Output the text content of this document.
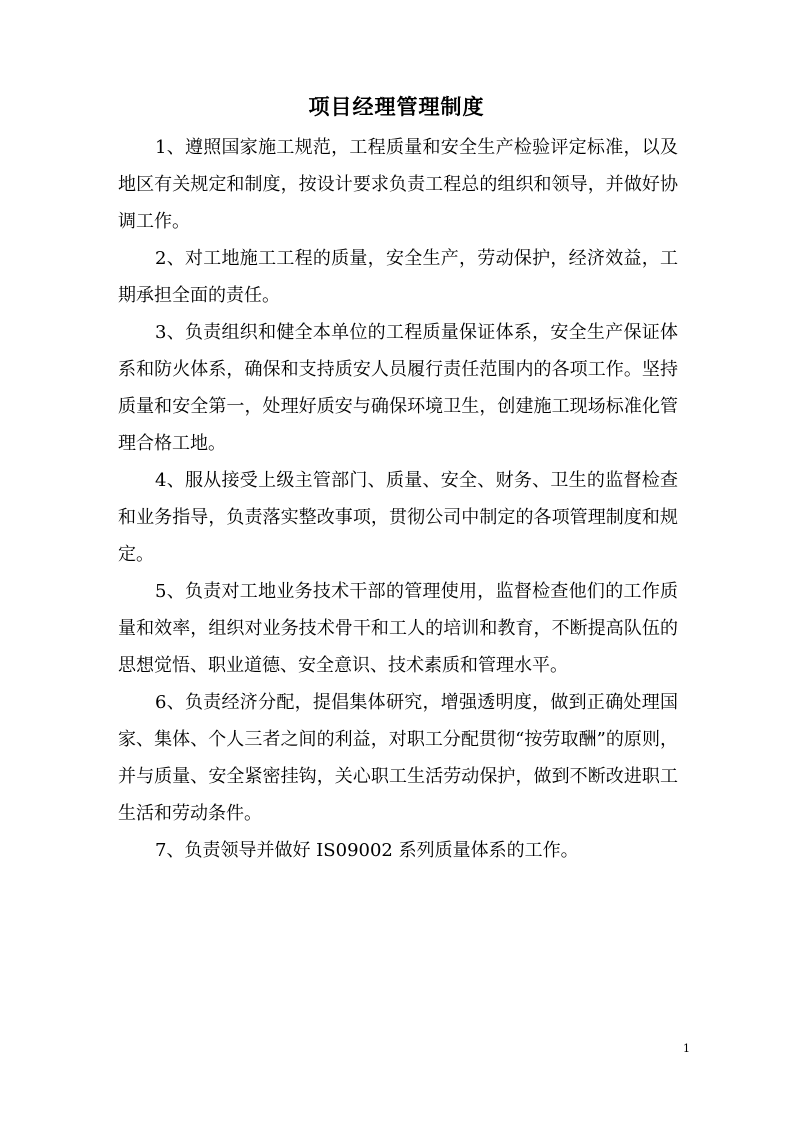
项目经理管理制度

1、遵照国家施工规范，工程质量和安全生产检验评定标准，以及地区有关规定和制度，按设计要求负责工程总的组织和领导，并做好协调工作。

2、对工地施工工程的质量，安全生产，劳动保护，经济效益，工期承担全面的责任。

3、负责组织和健全本单位的工程质量保证体系，安全生产保证体系和防火体系，确保和支持质安人员履行责任范围内的各项工作。坚持质量和安全第一，处理好质安与确保环境卫生，创建施工现场标准化管理合格工地。

4、服从接受上级主管部门、质量、安全、财务、卫生的监督检查和业务指导，负责落实整改事项，贯彻公司中制定的各项管理制度和规定。

5、负责对工地业务技术干部的管理使用，监督检查他们的工作质量和效率，组织对业务技术骨干和工人的培训和教育，不断提高队伍的思想觉悟、职业道德、安全意识、技术素质和管理水平。

6、负责经济分配，提倡集体研究，增强透明度，做到正确处理国家、集体、个人三者之间的利益，对职工分配贯彻“按劳取酬”的原则，并与质量、安全紧密挂钩，关心职工生活劳动保护，做到不断改进职工生活和劳动条件。

7、负责领导并做好 IS09002 系列质量体系的工作。

1
